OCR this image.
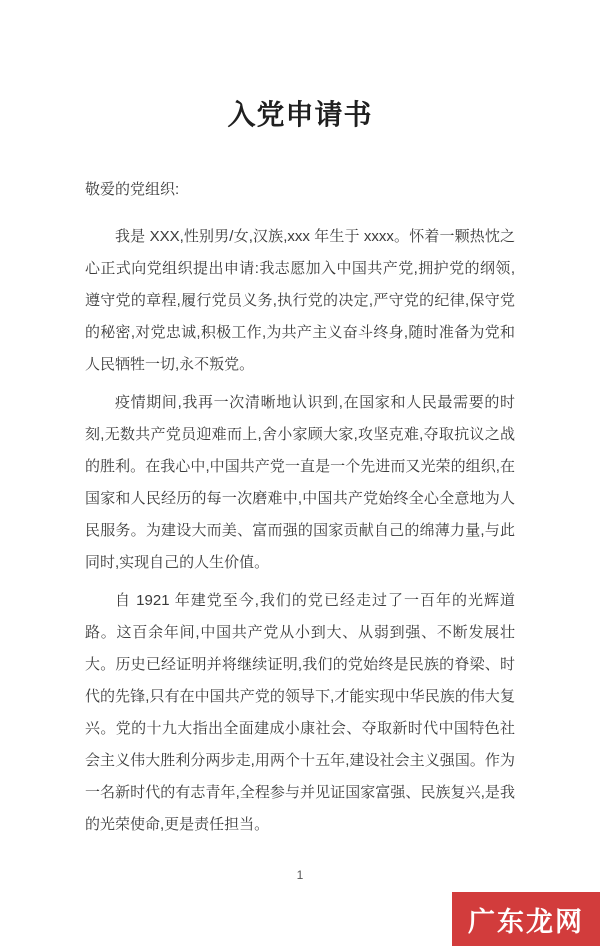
入党申请书

敬爱的党组织:

我是 XXX,性别男/女,汉族,xxx 年生于 xxxx。怀着一颗热忱之心正式向党组织提出申请:我志愿加入中国共产党,拥护党的纲领,遵守党的章程,履行党员义务,执行党的决定,严守党的纪律,保守党的秘密,对党忠诚,积极工作,为共产主义奋斗终身,随时准备为党和人民牺牲一切,永不叛党。

疫情期间,我再一次清晰地认识到,在国家和人民最需要的时刻,无数共产党员迎难而上,舍小家顾大家,攻坚克难,夺取抗议之战的胜利。在我心中,中国共产党一直是一个先进而又光荣的组织,在国家和人民经历的每一次磨难中,中国共产党始终全心全意地为人民服务。为建设大而美、富而强的国家贡献自己的绵薄力量,与此同时,实现自己的人生价值。

自 1921 年建党至今,我们的党已经走过了一百年的光辉道路。这百余年间,中国共产党从小到大、从弱到强、不断发展壮大。历史已经证明并将继续证明,我们的党始终是民族的脊梁、时代的先锋,只有在中国共产党的领导下,才能实现中华民族的伟大复兴。党的十九大指出全面建成小康社会、夺取新时代中国特色社会主义伟大胜利分两步走,用两个十五年,建设社会主义强国。作为一名新时代的有志青年,全程参与并见证国家富强、民族复兴,是我的光荣使命,更是责任担当。

1
广东龙网
